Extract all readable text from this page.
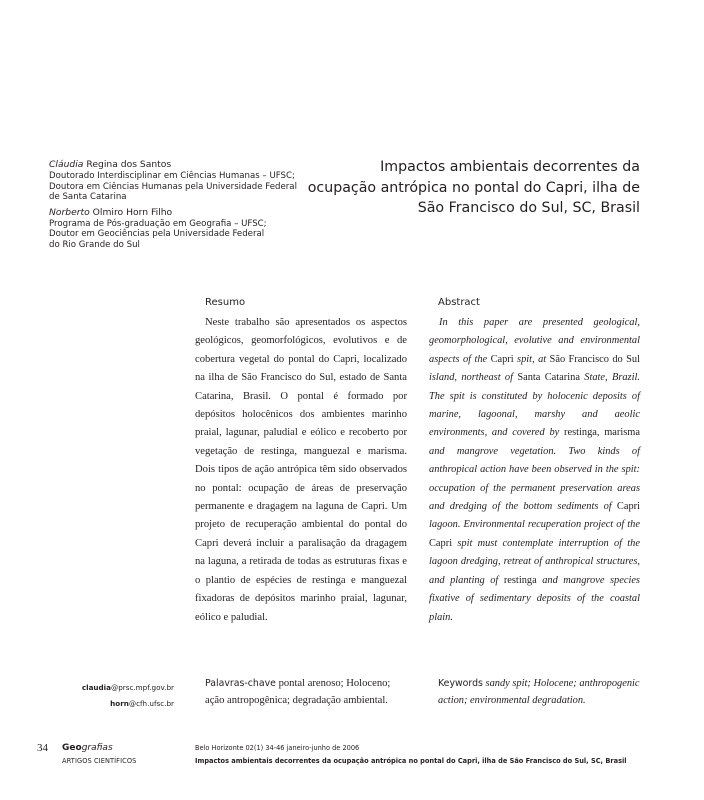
Cláudia Regina dos Santos
Doutorado Interdisciplinar em Ciências Humanas – UFSC;
Doutora em Ciências Humanas pela Universidade Federal
de Santa Catarina
Norberto Olmiro Horn Filho
Programa de Pós-graduação em Geografia – UFSC;
Doutor em Geociências pela Universidade Federal
do Rio Grande do Sul
Impactos ambientais decorrentes da
ocupação antrópica no pontal do Capri, ilha de
São Francisco do Sul, SC, Brasil
Resumo	Abstract
Neste trabalho são apresentados os aspectos geológicos, geomorfológicos, evolutivos e de cobertura vegetal do pontal do Capri, localizado na ilha de São Francisco do Sul, estado de Santa Catarina, Brasil. O pontal é formado por depósitos holocênicos dos ambientes marinho praial, lagunar, paludial e eólico e recoberto por vegetação de restinga, manguezal e marisma. Dois tipos de ação antrópica têm sido observados no pontal: ocupação de áreas de preservação permanente e dragagem na laguna de Capri. Um projeto de recuperação ambiental do pontal do Capri deverá incluir a paralisação da dragagem na laguna, a retirada de todas as estruturas fixas e o plantio de espécies de restinga e manguezal fixadoras de depósitos marinho praial, lagunar, eólico e paludial.
In this paper are presented geological, geomorphological, evolutive and environmental aspects of the Capri spit, at São Francisco do Sul island, northeast of Santa Catarina State, Brazil. The spit is constituted by holocenic deposits of marine, lagoonal, marshy and aeolic environments, and covered by restinga, marisma and mangrove vegetation. Two kinds of anthropical action have been observed in the spit: occupation of the permanent preservation areas and dredging of the bottom sediments of Capri lagoon. Environmental recuperation project of the Capri spit must contemplate interruption of the lagoon dredging, retreat of anthropical structures, and planting of restinga and mangrove species fixative of sedimentary deposits of the coastal plain.
claudia@prsc.mpf.gov.br
horn@cfh.ufsc.br
Palavras-chave pontal arenoso; Holoceno; ação antropogênica; degradação ambiental.
Keywords sandy spit; Holocene; anthropogenic action; environmental degradation.
34 Geografias
ARTIGOS CIENTÍFICOS
Belo Horizonte 02(1) 34-46 janeiro-junho de 2006
Impactos ambientais decorrentes da ocupação antrópica no pontal do Capri, ilha de São Francisco do Sul, SC, Brasil
